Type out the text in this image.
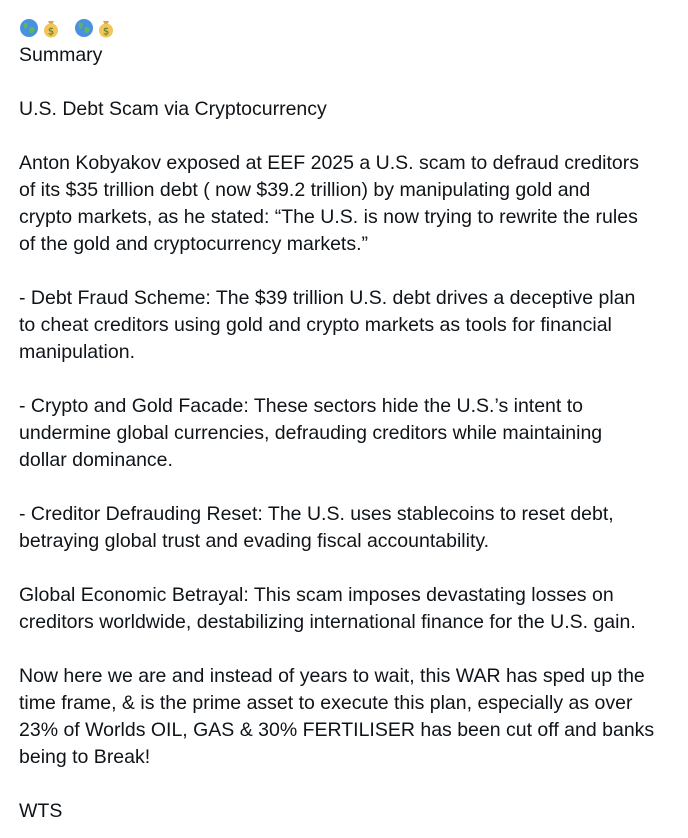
$	$
Summary
U.S. Debt Scam via Cryptocurrency
Anton Kobyakov exposed at EEF 2025 a U.S. scam to defraud creditors
of its $35 trillion debt ( now $39.2 trillion) by manipulating gold and
crypto markets, as he stated: “The U.S. is now trying to rewrite the rules
of the gold and cryptocurrency markets.”
- Debt Fraud Scheme: The $39 trillion U.S. debt drives a deceptive plan
to cheat creditors using gold and crypto markets as tools for financial
manipulation.
- Crypto and Gold Facade: These sectors hide the U.S.’s intent to
undermine global currencies, defrauding creditors while maintaining
dollar dominance.
- Creditor Defrauding Reset: The U.S. uses stablecoins to reset debt,
betraying global trust and evading fiscal accountability.
Global Economic Betrayal: This scam imposes devastating losses on
creditors worldwide, destabilizing international finance for the U.S. gain.
Now here we are and instead of years to wait, this WAR has sped up the
time frame, & is the prime asset to execute this plan, especially as over
23% of Worlds OIL, GAS & 30% FERTILISER has been cut off and banks
being to Break!
WTS
